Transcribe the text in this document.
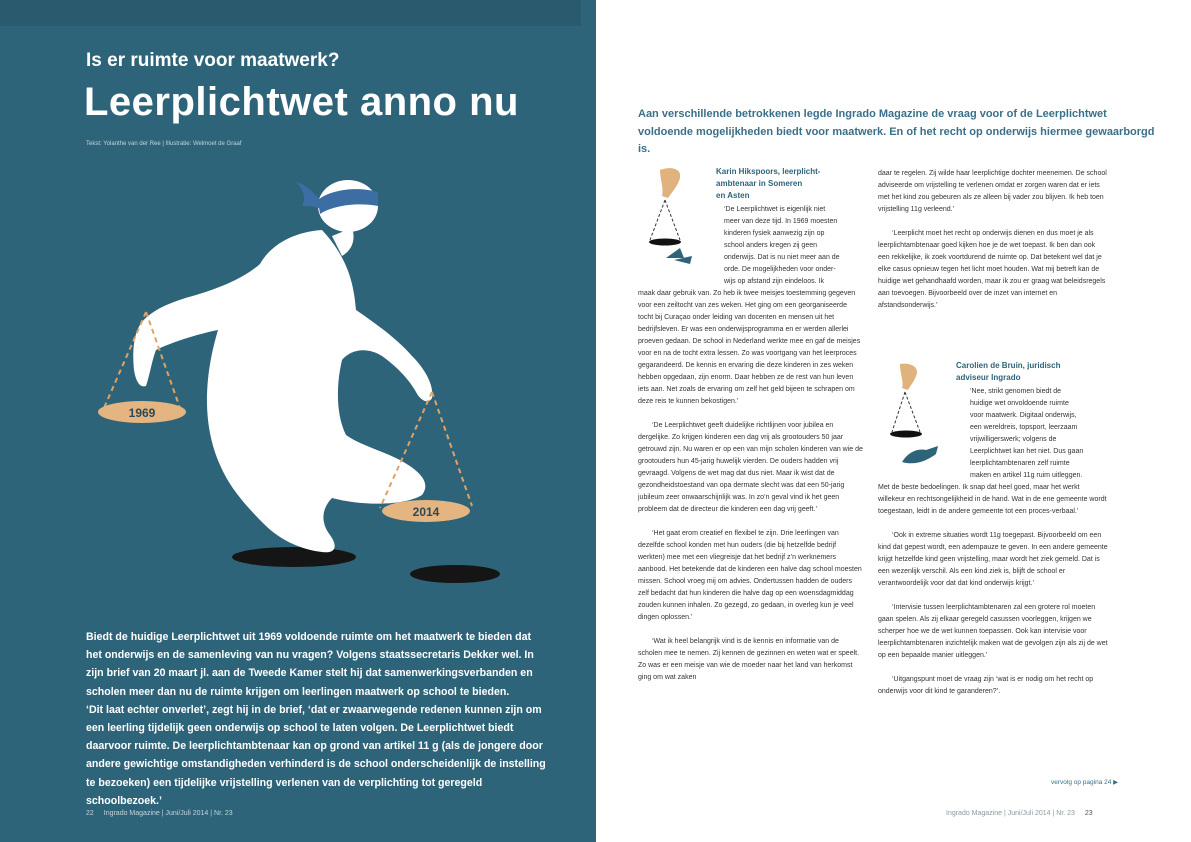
Is er ruimte voor maatwerk?
Leerplichtwet anno nu
Tekst: Yolanthe van der Ree | Illustratie: Welmoet de Graaf
1969
2014

Biedt de huidige Leerplichtwet uit 1969 voldoende ruimte om het maatwerk te bieden dat

het onderwijs en de samenleving van nu vragen? Volgens staatssecretaris Dekker wel. In

zijn brief van 20 maart jl. aan de Tweede Kamer stelt hij dat samenwerkingsverbanden en

scholen meer dan nu de ruimte krijgen om leerlingen maatwerk op school te bieden.

‘Dit laat echter onverlet’, zegt hij in de brief, ‘dat er zwaarwegende redenen kunnen zijn om

een leerling tijdelijk geen onderwijs op school te laten volgen. De Leerplichtwet biedt

daarvoor ruimte. De leerplichtambtenaar kan op grond van artikel 11 g (als de jongere door

andere gewichtige omstandigheden verhinderd is de school onderscheidenlijk de instelling

te bezoeken) een tijdelijke vrijstelling verlenen van de verplichting tot geregeld

schoolbezoek.’

22 Ingrado Magazine | Juni/Juli 2014 | Nr. 23
Aan verschillende betrokkenen legde Ingrado Magazine de vraag voor of de Leerplichtwet voldoende mogelijkheden biedt voor maatwerk. En of het recht op onderwijs hiermee gewaarborgd is.
Karin Hikspoors, leerplicht-
ambtenaar in Someren
en Asten
‘De Leerplichtwet is eigenlijk niet
meer van deze tijd. In 1969 moesten
kinderen fysiek aanwezig zijn op
school anders kregen zij geen
onderwijs. Dat is nu niet meer aan de
orde. De mogelijkheden voor onder-
wijs op afstand zijn eindeloos. Ik

maak daar gebruik van. Zo heb ik twee meisjes toestemming gegeven voor een zeiltocht van zes weken. Het ging om een georganiseerde tocht bij Curaçao onder leiding van docenten en mensen uit het bedrijfsleven. Er was een onderwijsprogramma en er werden allerlei proeven gedaan. De school in Nederland werkte mee en gaf de meisjes voor en na de tocht extra lessen. Zo was voortgang van het leerproces gegarandeerd. De kennis en ervaring die deze kinderen in zes weken hebben opgedaan, zijn enorm. Daar hebben ze de rest van hun leven iets aan. Net zoals de ervaring om zelf het geld bijeen te schrapen om deze reis te kunnen bekostigen.’

‘De Leerplichtwet geeft duidelijke richtlijnen voor jubilea en dergelijke. Zo krijgen kinderen een dag vrij als grootouders 50 jaar getrouwd zijn. Nu waren er op een van mijn scholen kinderen van wie de grootouders hun 45-jarig huwelijk vierden. De ouders hadden vrij gevraagd. Volgens de wet mag dat dus niet. Maar ik wist dat de gezondheidstoestand van opa dermate slecht was dat een 50-jarig jubileum zeer onwaarschijnlijk was. In zo’n geval vind ik het geen probleem dat de directeur die kinderen een dag vrij geeft.’

‘Het gaat erom creatief en flexibel te zijn. Drie leerlingen van dezelfde school konden met hun ouders (die bij hetzelfde bedrijf werkten) mee met een vliegreisje dat het bedrijf z’n werknemers aanbood. Het betekende dat de kinderen een halve dag school moesten missen. School vroeg mij om advies. Ondertussen hadden de ouders zelf bedacht dat hun kinderen die halve dag op een woensdagmiddag zouden kunnen inhalen. Zo gezegd, zo gedaan, in overleg kun je veel dingen oplossen.’

‘Wat ik heel belangrijk vind is de kennis en informatie van de scholen mee te nemen. Zij kennen de gezinnen en weten wat er speelt. Zo was er een meisje van wie de moeder naar het land van herkomst ging om wat zaken

daar te regelen. Zij wilde haar leerplichtige dochter meenemen. De school adviseerde om vrijstelling te verlenen omdat er zorgen waren dat er iets met het kind zou gebeuren als ze alleen bij vader zou blijven. Ik heb toen vrijstelling 11g verleend.’

‘Leerplicht moet het recht op onderwijs dienen en dus moet je als leerplichtambtenaar goed kijken hoe je de wet toepast. Ik ben dan ook een rekkelijke, ik zoek voortdurend de ruimte op. Dat betekent wel dat je elke casus opnieuw tegen het licht moet houden. Wat mij betreft kan de huidige wet gehandhaafd worden, maar ik zou er graag wat beleidsregels aan toevoegen. Bijvoorbeeld over de inzet van internet en afstandsonderwijs.’

Carolien de Bruin, juridisch
adviseur Ingrado
‘Nee, strikt genomen biedt de
huidige wet onvoldoende ruimte
voor maatwerk. Digitaal onderwijs,
een wereldreis, topsport, leerzaam
vrijwilligerswerk; volgens de
Leerplichtwet kan het niet. Dus gaan
leerplichtambtenaren zelf ruimte
maken en artikel 11g ruim uitleggen.

Met de beste bedoelingen. Ik snap dat heel goed, maar het werkt willekeur en rechtsongelijkheid in de hand. Wat in de ene gemeente wordt toegestaan, leidt in de andere gemeente tot een proces-verbaal.’

‘Ook in extreme situaties wordt 11g toegepast. Bijvoorbeeld om een kind dat gepest wordt, een adempauze te geven. In een andere gemeente krijgt hetzelfde kind geen vrijstelling, maar wordt het ziek gemeld. Dat is een wezenlijk verschil. Als een kind ziek is, blijft de school er verantwoordelijk voor dat dat kind onderwijs krijgt.’

‘Intervisie tussen leerplichtambtenaren zal een grotere rol moeten gaan spelen. Als zij elkaar geregeld casussen voorleggen, krijgen we scherper hoe we de wet kunnen toepassen. Ook kan intervisie voor leerplichtambtenaren inzichtelijk maken wat de gevolgen zijn als zij de wet op een bepaalde manier uitleggen.’

‘Uitgangspunt moet de vraag zijn ‘wat is er nodig om het recht op onderwijs voor dit kind te garanderen?’.

vervolg op pagina 24 ▶
Ingrado Magazine | Juni/Juli 2014 | Nr. 23 23
